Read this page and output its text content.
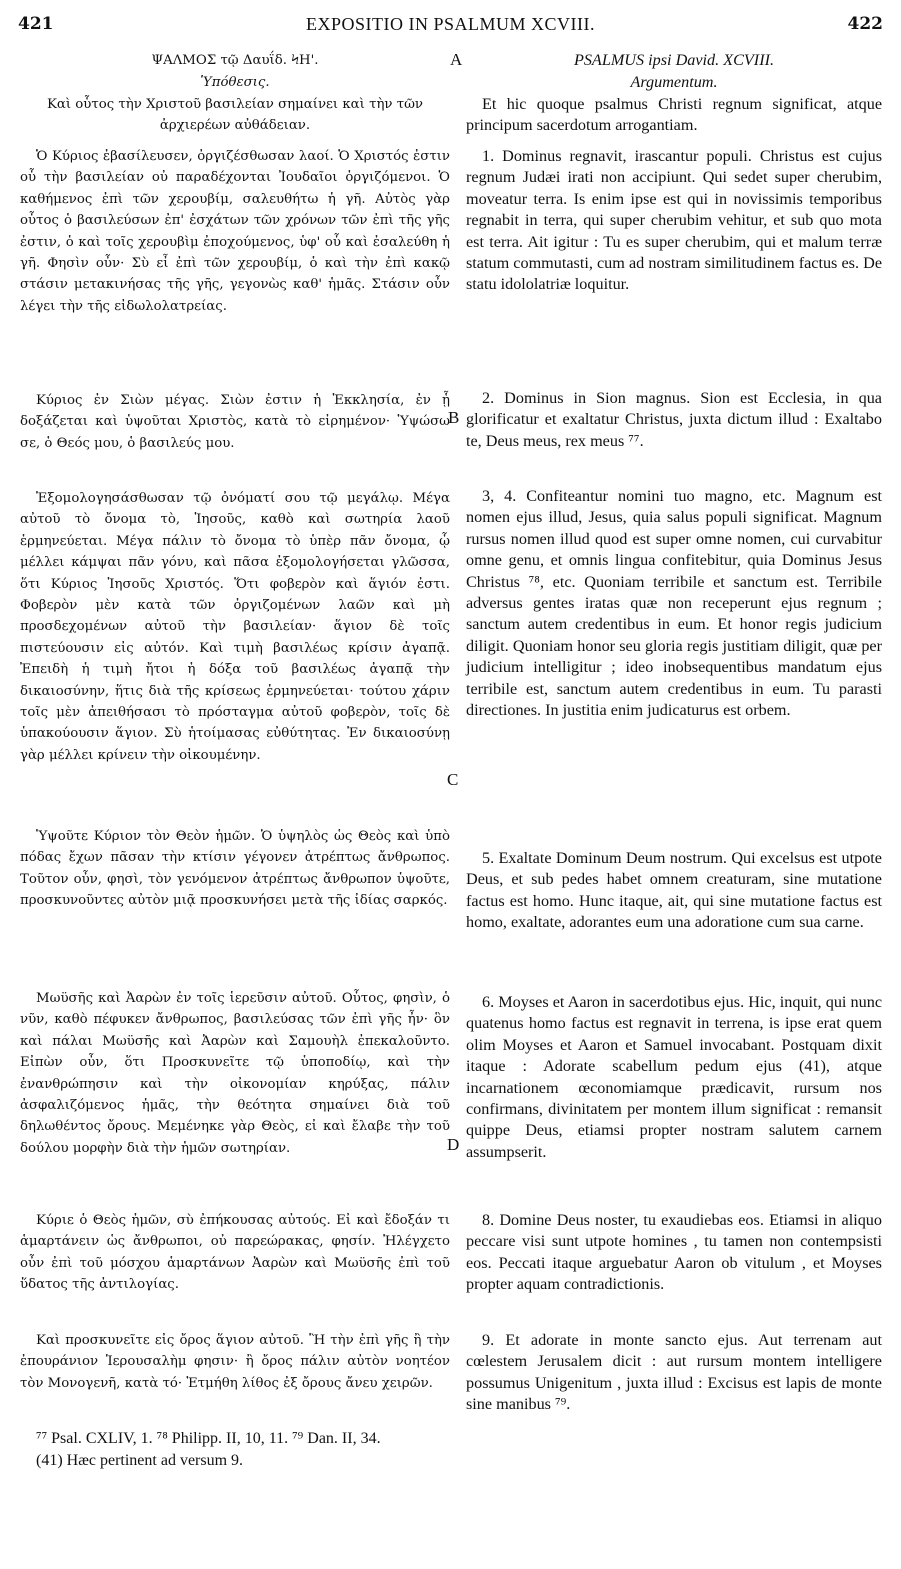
421	EXPOSITIO IN PSALMUM XCVIII.	422
A
B
C
D
ΨΑΛΜΟΣ τῷ Δαυΐδ. ϞΗ'.
Ὑπόθεσις.
Καὶ οὗτος τὴν Χριστοῦ βασιλείαν σημαίνει καὶ τὴν τῶν ἀρχιερέων αὐθάδειαν.
Ὁ Κύριος ἐβασίλευσεν, ὀργιζέσθωσαν λαοί. Ὁ Χριστός ἐστιν οὗ τὴν βασιλείαν οὐ παραδέχονται Ἰουδαῖοι ὀργιζόμενοι. Ὁ καθήμενος ἐπὶ τῶν χερουβίμ, σαλευθήτω ἡ γῆ. Αὐτὸς γὰρ οὗτος ὁ βασιλεύσων ἐπ' ἐσχάτων τῶν χρόνων τῶν ἐπὶ τῆς γῆς ἐστιν, ὁ καὶ τοῖς χερουβὶμ ἐποχούμενος, ὑφ' οὗ καὶ ἐσαλεύθη ἡ γῆ. Φησὶν οὖν· Σὺ εἶ ἐπὶ τῶν χερουβίμ, ὁ καὶ τὴν ἐπὶ κακῷ στάσιν μετακινήσας τῆς γῆς, γεγονὼς καθ' ἡμᾶς. Στάσιν οὖν λέγει τὴν τῆς εἰδωλολατρείας.
Κύριος ἐν Σιὼν μέγας. Σιὼν ἐστιν ἡ Ἐκκλησία, ἐν ᾗ δοξάζεται καὶ ὑψοῦται Χριστὸς, κατὰ τὸ εἰρημένον· Ὑψώσω σε, ὁ Θεός μου, ὁ βασιλεύς μου.
Ἐξομολογησάσθωσαν τῷ ὀνόματί σου τῷ μεγάλῳ. Μέγα αὐτοῦ τὸ ὄνομα τὸ, Ἰησοῦς, καθὸ καὶ σωτηρία λαοῦ ἑρμηνεύεται. Μέγα πάλιν τὸ ὄνομα τὸ ὑπὲρ πᾶν ὄνομα, ᾧ μέλλει κάμψαι πᾶν γόνυ, καὶ πᾶσα ἐξομολογήσεται γλῶσσα, ὅτι Κύριος Ἰησοῦς Χριστός. Ὅτι φοβερὸν καὶ ἅγιόν ἐστι. Φοβερὸν μὲν κατὰ τῶν ὀργιζομένων λαῶν καὶ μὴ προσδεχομένων αὐτοῦ τὴν βασιλείαν· ἅγιον δὲ τοῖς πιστεύουσιν εἰς αὐτόν. Καὶ τιμὴ βασιλέως κρίσιν ἀγαπᾷ. Ἐπειδὴ ἡ τιμὴ ἤτοι ἡ δόξα τοῦ βασιλέως ἀγαπᾷ τὴν δικαιοσύνην, ἥτις διὰ τῆς κρίσεως ἑρμηνεύεται· τούτου χάριν τοῖς μὲν ἀπειθήσασι τὸ πρόσταγμα αὐτοῦ φοβερὸν, τοῖς δὲ ὑπακούουσιν ἅγιον. Σὺ ἡτοίμασας εὐθύτητας. Ἐν δικαιοσύνῃ γὰρ μέλλει κρίνειν τὴν οἰκουμένην.
Ὑψοῦτε Κύριον τὸν Θεὸν ἡμῶν. Ὁ ὑψηλὸς ὡς Θεὸς καὶ ὑπὸ πόδας ἔχων πᾶσαν τὴν κτίσιν γέγονεν ἀτρέπτως ἄνθρωπος. Τοῦτον οὖν, φησὶ, τὸν γενόμενον ἀτρέπτως ἄνθρωπον ὑψοῦτε, προσκυνοῦντες αὐτὸν μιᾷ προσκυνήσει μετὰ τῆς ἰδίας σαρκός.
Μωϋσῆς καὶ Ἀαρὼν ἐν τοῖς ἱερεῦσιν αὐτοῦ. Οὗτος, φησὶν, ὁ νῦν, καθὸ πέφυκεν ἄνθρωπος, βασιλεύσας τῶν ἐπὶ γῆς ἦν· ὃν καὶ πάλαι Μωϋσῆς καὶ Ἀαρὼν καὶ Σαμουὴλ ἐπεκαλοῦντο. Εἰπὼν οὖν, ὅτι Προσκυνεῖτε τῷ ὑποποδίῳ, καὶ τὴν ἐνανθρώπησιν καὶ τὴν οἰκονομίαν κηρύξας, πάλιν ἀσφαλιζόμενος ἡμᾶς, τὴν θεότητα σημαίνει διὰ τοῦ δηλωθέντος ὄρους. Μεμένηκε γὰρ Θεὸς, εἰ καὶ ἔλαβε τὴν τοῦ δούλου μορφὴν διὰ τὴν ἡμῶν σωτηρίαν.
Κύριε ὁ Θεὸς ἡμῶν, σὺ ἐπήκουσας αὐτούς. Εἰ καὶ ἔδοξάν τι ἁμαρτάνειν ὡς ἄνθρωποι, οὐ παρεώρακας, φησίν. Ἠλέγχετο οὖν ἐπὶ τοῦ μόσχου ἁμαρτάνων Ἀαρὼν καὶ Μωϋσῆς ἐπὶ τοῦ ὕδατος τῆς ἀντιλογίας.
Καὶ προσκυνεῖτε εἰς ὄρος ἅγιον αὐτοῦ. Ἢ τὴν ἐπὶ γῆς ἢ τὴν ἐπουράνιον Ἱερουσαλὴμ φησιν· ἢ ὄρος πάλιν αὐτὸν νοητέον τὸν Μονογενῆ, κατὰ τό· Ἐτμήθη λίθος ἐξ ὄρους ἄνευ χειρῶν.
PSALMUS ipsi David. XCVIII.
Argumentum.
Et hic quoque psalmus Christi regnum significat, atque principum sacerdotum arrogantiam.
1. Dominus regnavit, irascantur populi. Christus est cujus regnum Judæi irati non accipiunt. Qui sedet super cherubim, moveatur terra. Is enim ipse est qui in novissimis temporibus regnabit in terra, qui super cherubim vehitur, et sub quo mota est terra. Ait igitur : Tu es super cherubim, qui et malum terræ statum commutasti, cum ad nostram similitudinem factus es. De statu idololatriæ loquitur.
2. Dominus in Sion magnus. Sion est Ecclesia, in qua glorificatur et exaltatur Christus, juxta dictum illud : Exaltabo te, Deus meus, rex meus ⁷⁷.
3, 4. Confiteantur nomini tuo magno, etc. Magnum est nomen ejus illud, Jesus, quia salus populi significat. Magnum rursus nomen illud quod est super omne nomen, cui curvabitur omne genu, et omnis lingua confitebitur, quia Dominus Jesus Christus ⁷⁸, etc. Quoniam terribile et sanctum est. Terribile adversus gentes iratas quæ non receperunt ejus regnum ; sanctum autem credentibus in eum. Et honor regis judicium diligit. Quoniam honor seu gloria regis justitiam diligit, quæ per judicium intelligitur ; ideo inobsequentibus mandatum ejus terribile est, sanctum autem credentibus in eum. Tu parasti directiones. In justitia enim judicaturus est orbem.
5. Exaltate Dominum Deum nostrum. Qui excelsus est utpote Deus, et sub pedes habet omnem creaturam, sine mutatione factus est homo. Hunc itaque, ait, qui sine mutatione factus est homo, exaltate, adorantes eum una adoratione cum sua carne.
6. Moyses et Aaron in sacerdotibus ejus. Hic, inquit, qui nunc quatenus homo factus est regnavit in terrena, is ipse erat quem olim Moyses et Aaron et Samuel invocabant. Postquam dixit itaque : Adorate scabellum pedum ejus (41), atque incarnationem œconomiamque prædicavit, rursum nos confirmans, divinitatem per montem illum significat : remansit quippe Deus, etiamsi propter nostram salutem carnem assumpserit.
8. Domine Deus noster, tu exaudiebas eos. Etiamsi in aliquo peccare visi sunt utpote homines , tu tamen non contempsisti eos. Peccati itaque arguebatur Aaron ob vitulum , et Moyses propter aquam contradictionis.
9. Et adorate in monte sancto ejus. Aut terrenam aut cœlestem Jerusalem dicit : aut rursum montem intelligere possumus Unigenitum , juxta illud : Excisus est lapis de monte sine manibus ⁷⁹.
⁷⁷ Psal. CXLIV, 1. ⁷⁸ Philipp. II, 10, 11. ⁷⁹ Dan. II, 34.
(41) Hæc pertinent ad versum 9.
